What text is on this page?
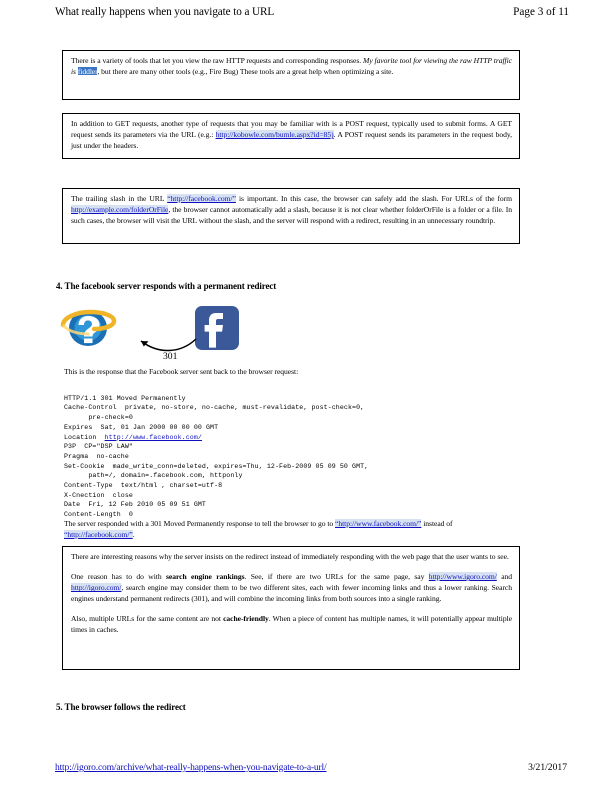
What really happens when you navigate to a URL	Page 3 of 11
There is a variety of tools that let you view the raw HTTP requests and corresponding responses. My favorite tool for viewing the raw HTTP traffic is fiddler, but there are many other tools (e.g., Fire Bug) These tools are a great help when optimizing a site.
In addition to GET requests, another type of requests that you may be familiar with is a POST request, typically used to submit forms. A GET request sends its parameters via the URL (e.g.: http://kobowle.com/bumle.aspx?id=85). A POST request sends its parameters in the request body, just under the headers.
The trailing slash in the URL “http://facebook.com/” is important. In this case, the browser can safely add the slash. For URLs of the form http://example.com/folderOrFile, the browser cannot automatically add a slash, because it is not clear whether folderOrFile is a folder or a file. In such cases, the browser will visit the URL without the slash, and the server will respond with a redirect, resulting in an unnecessary roundtrip.
4. The facebook server responds with a permanent redirect
301
This is the response that the Facebook server sent back to the browser request:

HTTP/1.1 301 Moved Permanently
Cache-Control  private, no-store, no-cache, must-revalidate, post-check=0,
pre-check=0
Expires  Sat, 01 Jan 2000 00 00 00 GMT
Location  http://www.facebook.com/
P3P  CP="DSP LAW"
Pragma  no-cache
Set-Cookie  made_write_conn=deleted, expires=Thu, 12-Feb-2009 05 09 50 GMT,
path=/, domain=.facebook.com, httponly
Content-Type  text/html , charset=utf-8
X-Cnection  close
Date  Fri, 12 Feb 2010 05 09 51 GMT
Content-Length  0

The server responded with a 301 Moved Permanently response to tell the browser to go to “http://www.facebook.com/” instead of “http://facebook.com/”.
There are interesting reasons why the server insists on the redirect instead of immediately responding with the web page that the user wants to see.
One reason has to do with search engine rankings. See, if there are two URLs for the same page, say http://www.igoro.com/ and http://igoro.com/, search engine may consider them to be two different sites, each with fewer incoming links and thus a lower ranking. Search engines understand permanent redirects (301), and will combine the incoming links from both sources into a single ranking.
Also, multiple URLs for the same content are not cache-friendly. When a piece of content has multiple names, it will potentially appear multiple times in caches.
5. The browser follows the redirect
http://igoro.com/archive/what-really-happens-when-you-navigate-to-a-url/	3/21/2017
